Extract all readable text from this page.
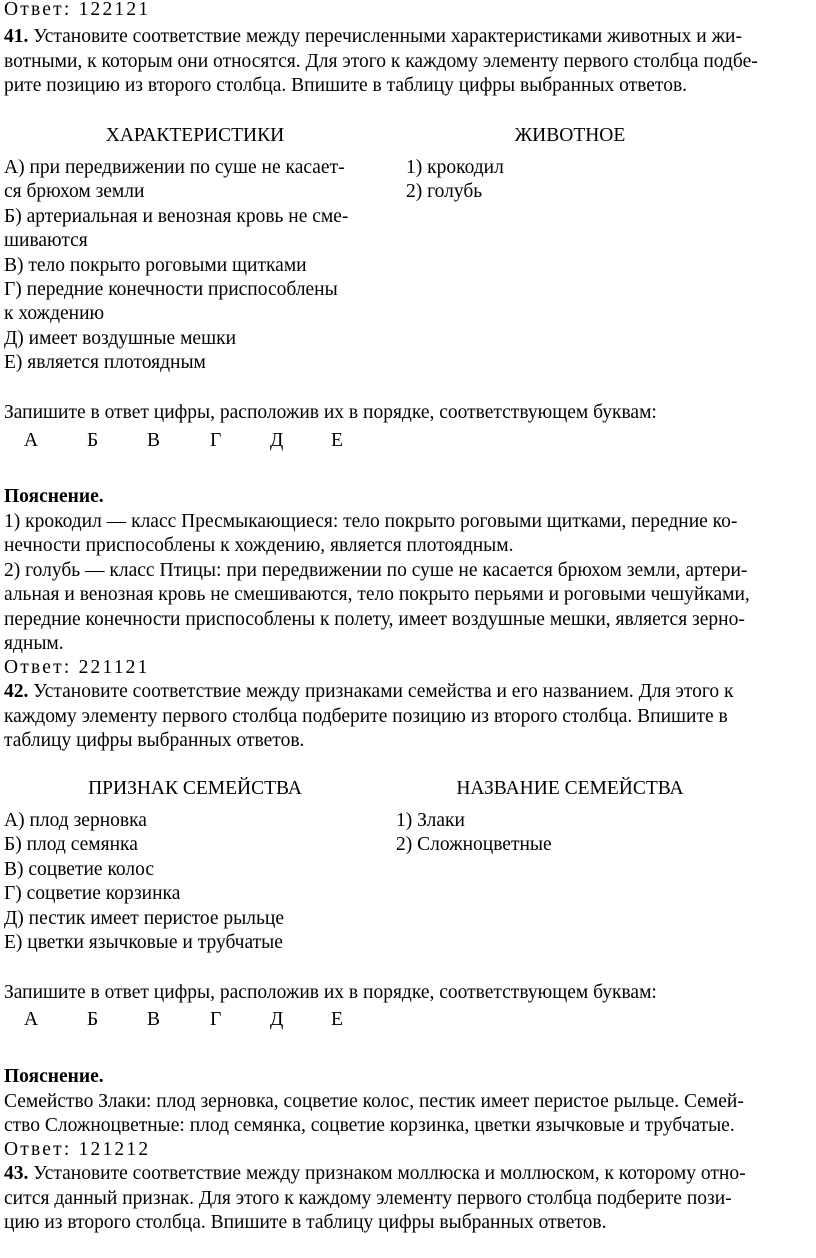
Ответ: 122121
41. Установите соответствие между перечисленными характеристиками животных и жи-
вотными, к которым они относятся. Для этого к каждому элементу первого столбца подбе-
рите позицию из второго столбца. Впишите в таблицу цифры выбранных ответов.
ХАРАКТЕРИСТИКИ	ЖИВОТНОЕ
А) при передвижении по суше не касает-
ся брюхом земли
Б) артериальная и венозная кровь не сме-
шиваются
В) тело покрыто роговыми щитками
Г) передние конечности приспособлены
к хождению
Д) имеет воздушные мешки
Е) является плотоядным
1) крокодил
2) голубь
Запишите в ответ цифры, расположив их в порядке, соответствующем буквам:
А	Б	В	Г Д Е
Пояснение.
1) крокодил — класс Пресмыкающиеся: тело покрыто роговыми щитками, передние ко-
нечности приспособлены к хождению, является плотоядным.
2) голубь — класс Птицы: при передвижении по суше не касается брюхом земли, артери-
альная и венозная кровь не смешиваются, тело покрыто перьями и роговыми чешуйками,
передние конечности приспособлены к полету, имеет воздушные мешки, является зерно-
ядным.
Ответ: 221121
42. Установите соответствие между признаками семейства и его названием. Для этого к
каждому элементу первого столбца подберите позицию из второго столбца. Впишите в
таблицу цифры выбранных ответов.
ПРИЗНАК СЕМЕЙСТВА	НАЗВАНИЕ СЕМЕЙСТВА
А) плод зерновка
Б) плод семянка
В) соцветие колос
Г) соцветие корзинка
Д) пестик имеет перистое рыльце
Е) цветки язычковые и трубчатые
1) Злаки
2) Сложноцветные
Запишите в ответ цифры, расположив их в порядке, соответствующем буквам:
А	Б	В	Г Д Е
Пояснение.
Семейство Злаки: плод зерновка, соцветие колос, пестик имеет перистое рыльце. Семей-
ство Сложноцветные: плод семянка, соцветие корзинка, цветки язычковые и трубчатые.
Ответ: 121212
43. Установите соответствие между признаком моллюска и моллюском, к которому отно-
сится данный признак. Для этого к каждому элементу первого столбца подберите пози-
цию из второго столбца. Впишите в таблицу цифры выбранных ответов.
